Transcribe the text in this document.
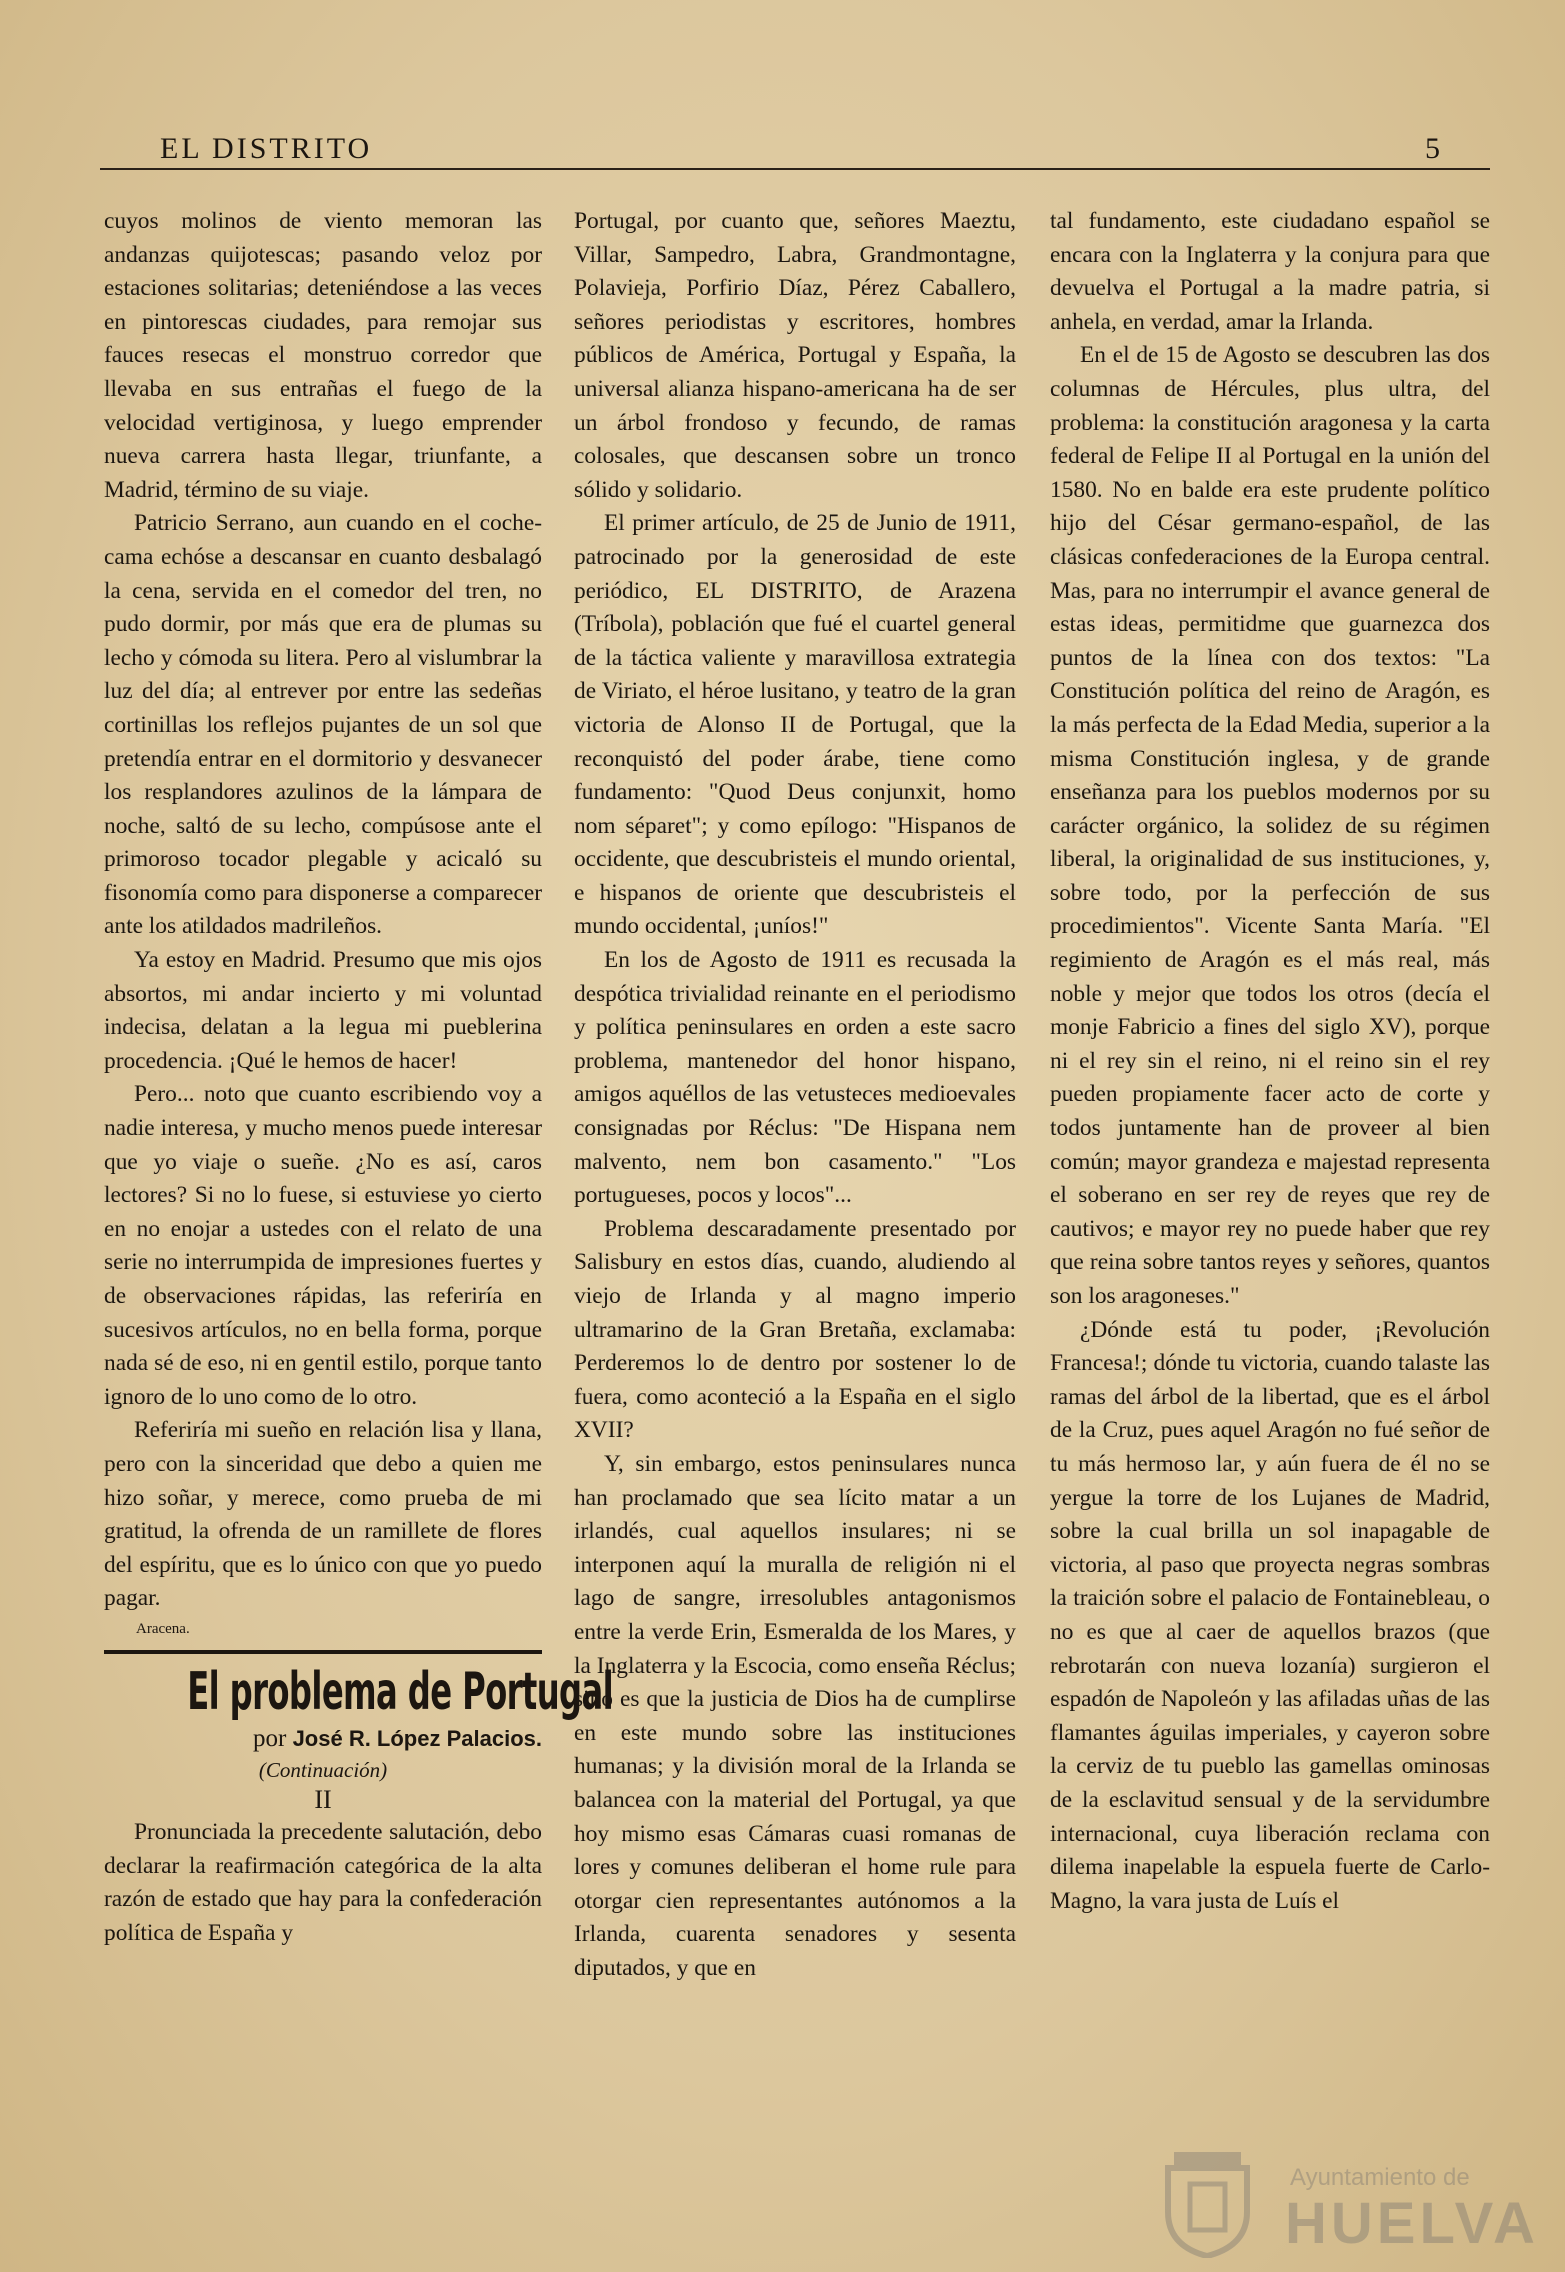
EL DISTRITO	5

cuyos molinos de viento memoran las andanzas quijotescas; pasando veloz por estaciones solitarias; deteniéndose a las veces en pintorescas ciudades, para remojar sus fauces resecas el monstruo corredor que llevaba en sus entrañas el fuego de la velocidad vertiginosa, y luego emprender nueva carrera hasta llegar, triunfante, a Madrid, término de su viaje.

Patricio Serrano, aun cuando en el coche-cama echóse a descansar en cuanto desbalagó la cena, servida en el comedor del tren, no pudo dormir, por más que era de plumas su lecho y cómoda su litera. Pero al vislumbrar la luz del día; al entrever por entre las sedeñas cortinillas los reflejos pujantes de un sol que pretendía entrar en el dormitorio y desvanecer los resplandores azulinos de la lámpara de noche, saltó de su lecho, compúsose ante el primoroso tocador plegable y acicaló su fisonomía como para disponerse a comparecer ante los atildados madrileños.

Ya estoy en Madrid. Presumo que mis ojos absortos, mi andar incierto y mi voluntad indecisa, delatan a la legua mi pueblerina procedencia. ¡Qué le hemos de hacer!

Pero... noto que cuanto escribiendo voy a nadie interesa, y mucho menos puede interesar que yo viaje o sueñe. ¿No es así, caros lectores? Si no lo fuese, si estuviese yo cierto en no enojar a ustedes con el relato de una serie no interrumpida de impresiones fuertes y de observaciones rápidas, las referiría en sucesivos artículos, no en bella forma, porque nada sé de eso, ni en gentil estilo, porque tanto ignoro de lo uno como de lo otro.

Referiría mi sueño en relación lisa y llana, pero con la sinceridad que debo a quien me hizo soñar, y merece, como prueba de mi gratitud, la ofrenda de un ramillete de flores del espíritu, que es lo único con que yo puedo pagar.

Aracena.
El problema de Portugal
por José R. López Palacios.
(Continuación)
II

Pronunciada la precedente salutación, debo declarar la reafirmación categórica de la alta razón de estado que hay para la confederación política de España y

Portugal, por cuanto que, señores Maeztu, Villar, Sampedro, Labra, Grandmontagne, Polavieja, Porfirio Díaz, Pérez Caballero, señores periodistas y escritores, hombres públicos de América, Portugal y España, la universal alianza hispano-americana ha de ser un árbol frondoso y fecundo, de ramas colosales, que descansen sobre un tronco sólido y solidario.

El primer artículo, de 25 de Junio de 1911, patrocinado por la generosidad de este periódico, EL DISTRITO, de Arazena (Tríbola), población que fué el cuartel general de la táctica valiente y maravillosa extrategia de Viriato, el héroe lusitano, y teatro de la gran victoria de Alonso II de Portugal, que la reconquistó del poder árabe, tiene como fundamento: "Quod Deus conjunxit, homo nom séparet"; y como epílogo: "Hispanos de occidente, que descubristeis el mundo oriental, e hispanos de oriente que descubristeis el mundo occidental, ¡uníos!"

En los de Agosto de 1911 es recusada la despótica trivialidad reinante en el periodismo y política peninsulares en orden a este sacro problema, mantenedor del honor hispano, amigos aquéllos de las vetusteces medioevales consignadas por Réclus: "De Hispana nem malvento, nem bon casamento." "Los portugueses, pocos y locos"...

Problema descaradamente presentado por Salisbury en estos días, cuando, aludiendo al viejo de Irlanda y al magno imperio ultramarino de la Gran Bretaña, exclamaba: Perderemos lo de dentro por sostener lo de fuera, como aconteció a la España en el siglo XVII?

Y, sin embargo, estos peninsulares nunca han proclamado que sea lícito matar a un irlandés, cual aquellos insulares; ni se interponen aquí la muralla de religión ni el lago de sangre, irresolubles antagonismos entre la verde Erin, Esmeralda de los Mares, y la Inglaterra y la Escocia, como enseña Réclus; sino es que la justicia de Dios ha de cumplirse en este mundo sobre las instituciones humanas; y la división moral de la Irlanda se balancea con la material del Portugal, ya que hoy mismo esas Cámaras cuasi romanas de lores y comunes deliberan el home rule para otorgar cien representantes autónomos a la Irlanda, cuarenta senadores y sesenta diputados, y que en

tal fundamento, este ciudadano español se encara con la Inglaterra y la conjura para que devuelva el Portugal a la madre patria, si anhela, en verdad, amar la Irlanda.

En el de 15 de Agosto se descubren las dos columnas de Hércules, plus ultra, del problema: la constitución aragonesa y la carta federal de Felipe II al Portugal en la unión del 1580. No en balde era este prudente político hijo del César germano-español, de las clásicas confederaciones de la Europa central. Mas, para no interrumpir el avance general de estas ideas, permitidme que guarnezca dos puntos de la línea con dos textos: "La Constitución política del reino de Aragón, es la más perfecta de la Edad Media, superior a la misma Constitución inglesa, y de grande enseñanza para los pueblos modernos por su carácter orgánico, la solidez de su régimen liberal, la originalidad de sus instituciones, y, sobre todo, por la perfección de sus procedimientos". Vicente Santa María. "El regimiento de Aragón es el más real, más noble y mejor que todos los otros (decía el monje Fabricio a fines del siglo XV), porque ni el rey sin el reino, ni el reino sin el rey pueden propiamente facer acto de corte y todos juntamente han de proveer al bien común; mayor grandeza e majestad representa el soberano en ser rey de reyes que rey de cautivos; e mayor rey no puede haber que rey que reina sobre tantos reyes y señores, quantos son los aragoneses."

¿Dónde está tu poder, ¡Revolución Francesa!; dónde tu victoria, cuando talaste las ramas del árbol de la libertad, que es el árbol de la Cruz, pues aquel Aragón no fué señor de tu más hermoso lar, y aún fuera de él no se yergue la torre de los Lujanes de Madrid, sobre la cual brilla un sol inapagable de victoria, al paso que proyecta negras sombras la traición sobre el palacio de Fontainebleau, o no es que al caer de aquellos brazos (que rebrotarán con nueva lozanía) surgieron el espadón de Napoleón y las afiladas uñas de las flamantes águilas imperiales, y cayeron sobre la cerviz de tu pueblo las gamellas ominosas de la esclavitud sensual y de la servidumbre internacional, cuya liberación reclama con dilema inapelable la espuela fuerte de Carlo-Magno, la vara justa de Luís el

Ayuntamiento de
HUELVA
